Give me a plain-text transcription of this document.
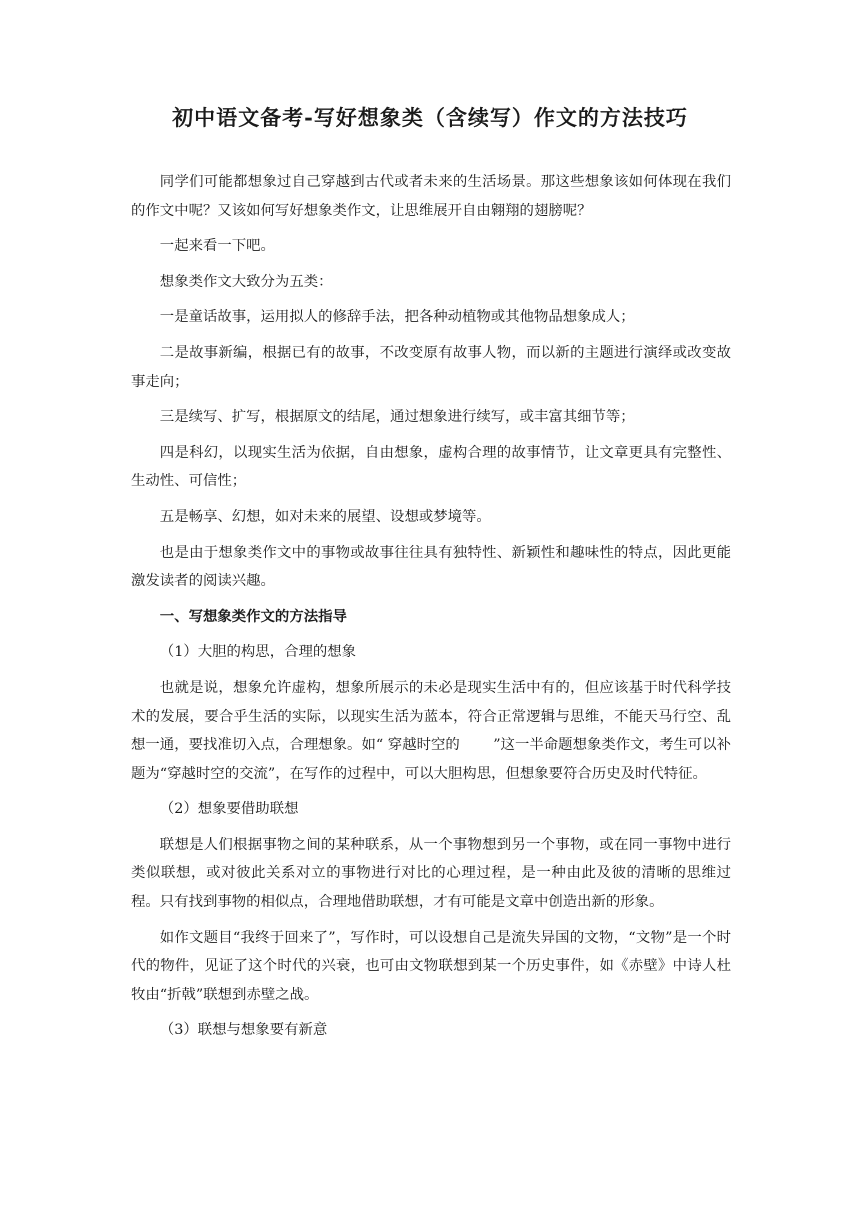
初中语文备考-写好想象类（含续写）作文的方法技巧

同学们可能都想象过自己穿越到古代或者未来的生活场景。那这些想象该如何体现在我们的作文中呢？又该如何写好想象类作文，让思维展开自由翱翔的翅膀呢？

一起来看一下吧。

想象类作文大致分为五类：

一是童话故事，运用拟人的修辞手法，把各种动植物或其他物品想象成人；

二是故事新编，根据已有的故事，不改变原有故事人物，而以新的主题进行演绎或改变故事走向；

三是续写、扩写，根据原文的结尾，通过想象进行续写，或丰富其细节等；

四是科幻，以现实生活为依据，自由想象，虚构合理的故事情节，让文章更具有完整性、生动性、可信性；

五是畅享、幻想，如对未来的展望、设想或梦境等。

也是由于想象类作文中的事物或故事往往具有独特性、新颖性和趣味性的特点，因此更能激发读者的阅读兴趣。

一、写想象类作文的方法指导

（1）大胆的构思，合理的想象

也就是说，想象允许虚构，想象所展示的未必是现实生活中有的，但应该基于时代科学技术的发展，要合乎生活的实际，以现实生活为蓝本，符合正常逻辑与思维，不能天马行空、乱想一通，要找准切入点，合理想象。如“ 穿越时空的　　 ”这一半命题想象类作文，考生可以补题为“穿越时空的交流”，在写作的过程中，可以大胆构思，但想象要符合历史及时代特征。

（2）想象要借助联想

联想是人们根据事物之间的某种联系，从一个事物想到另一个事物，或在同一事物中进行类似联想，或对彼此关系对立的事物进行对比的心理过程，是一种由此及彼的清晰的思维过程。只有找到事物的相似点，合理地借助联想，才有可能是文章中创造出新的形象。

如作文题目“我终于回来了”，写作时，可以设想自己是流失异国的文物，“文物”是一个时代的物件，见证了这个时代的兴衰，也可由文物联想到某一个历史事件，如《赤壁》中诗人杜牧由“折戟”联想到赤壁之战。

（3）联想与想象要有新意
